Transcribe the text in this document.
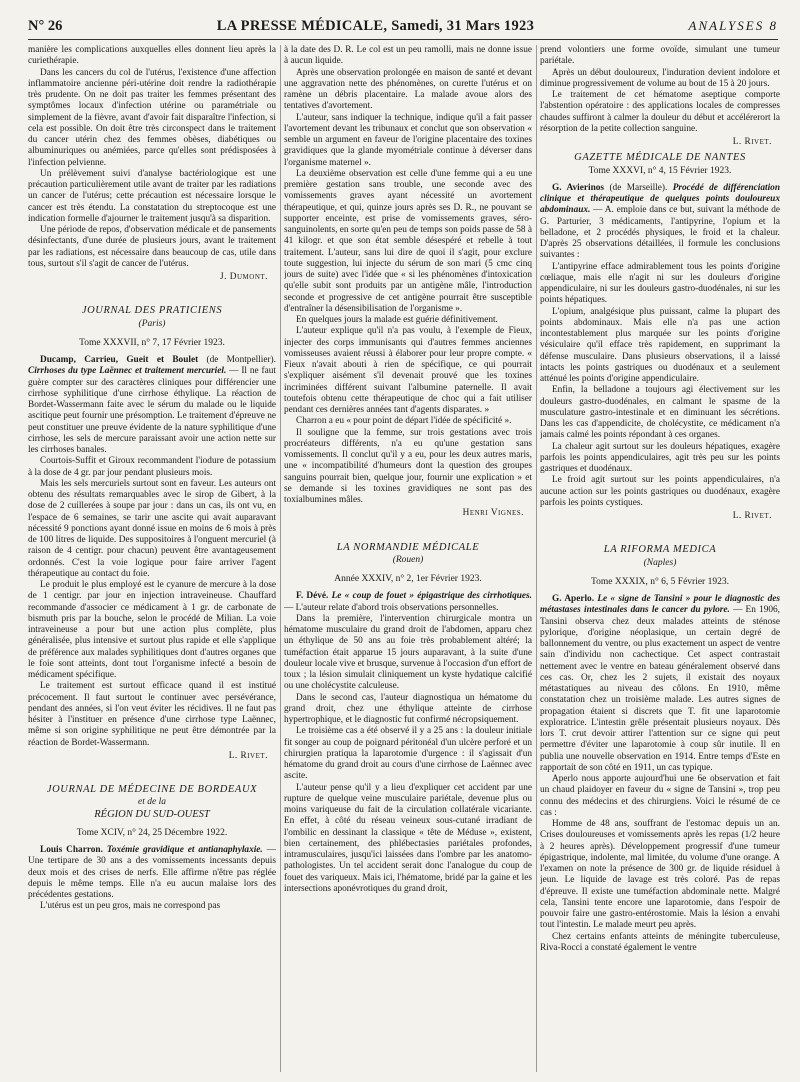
N° 26	LA PRESSE MÉDICALE, Samedi, 31 Mars 1923	ANALYSES 8

manière les complications auxquelles elles donnent lieu après la curiethérapie.

Dans les cancers du col de l'utérus, l'existence d'une affection inflammatoire ancienne péri-utérine doit rendre la radiothérapie très prudente. On ne doit pas traiter les femmes présentant des symptômes locaux d'infection utérine ou paramétriale ou simplement de la fièvre, avant d'avoir fait disparaître l'infection, si cela est possible. On doit être très circonspect dans le traitement du cancer utérin chez des femmes obèses, diabétiques ou albuminuriques ou anémiées, parce qu'elles sont prédisposées à l'infection pelvienne.

Un prélèvement suivi d'analyse bactériologique est une précaution particulièrement utile avant de traiter par les radiations un cancer de l'utérus; cette précaution est nécessaire lorsque le cancer est très étendu. La constatation du streptocoque est une indication formelle d'ajourner le traitement jusqu'à sa disparition.

Une période de repos, d'observation médicale et de pansements désinfectants, d'une durée de plusieurs jours, avant le traitement par les radiations, est nécessaire dans beaucoup de cas, utile dans tous, surtout s'il s'agit de cancer de l'utérus.

J. Dumont.

JOURNAL DES PRATICIENS

(Paris)

Tome XXXVII, n° 7, 17 Février 1923.

Ducamp, Carrieu, Gueit et Boulet (de Montpellier). Cirrhoses du type Laënnec et traitement mercuriel. — Il ne faut guère compter sur des caractères cliniques pour différencier une cirrhose syphilitique d'une cirrhose éthylique. La réaction de Bordet-Wassermann faite avec le sérum du malade ou le liquide ascitique peut fournir une présomption. Le traitement d'épreuve ne peut constituer une preuve évidente de la nature syphilitique d'une cirrhose, les sels de mercure paraissant avoir une action nette sur les cirrhoses banales.

Courtois-Suffit et Giroux recommandent l'iodure de potassium à la dose de 4 gr. par jour pendant plusieurs mois.

Mais les sels mercuriels surtout sont en faveur. Les auteurs ont obtenu des résultats remarquables avec le sirop de Gibert, à la dose de 2 cuillerées à soupe par jour : dans un cas, ils ont vu, en l'espace de 6 semaines, se tarir une ascite qui avait auparavant nécessité 9 ponctions ayant donné issue en moins de 6 mois à près de 100 litres de liquide. Des suppositoires à l'onguent mercuriel (à raison de 4 centigr. pour chacun) peuvent être avantageusement ordonnés. C'est la voie logique pour faire arriver l'agent thérapeutique au contact du foie.

Le produit le plus employé est le cyanure de mercure à la dose de 1 centigr. par jour en injection intraveineuse. Chauffard recommande d'associer ce médicament à 1 gr. de carbonate de bismuth pris par la bouche, selon le procédé de Milian. La voie intraveineuse a pour but une action plus complète, plus généralisée, plus intensive et surtout plus rapide et elle s'applique de préférence aux malades syphilitiques dont d'autres organes que le foie sont atteints, dont tout l'organisme infecté a besoin de médicament spécifique.

Le traitement est surtout efficace quand il est institué précocement. Il faut surtout le continuer avec persévérance, pendant des années, si l'on veut éviter les récidives. Il ne faut pas hésiter à l'instituer en présence d'une cirrhose type Laënnec, même si son origine syphilitique ne peut être démontrée par la réaction de Bordet-Wassermann.

L. Rivet.

JOURNAL DE MÉDECINE DE BORDEAUX

et de la

RÉGION DU SUD-OUEST

Tome XCIV, n° 24, 25 Décembre 1922.

Louis Charron. Toxémie gravidique et antianaphylaxie. — Une tertipare de 30 ans a des vomissements incessants depuis deux mois et des crises de nerfs. Elle affirme n'être pas réglée depuis le même temps. Elle n'a eu aucun malaise lors des précédentes gestations.

L'utérus est un peu gros, mais ne correspond pas

à la date des D. R. Le col est un peu ramolli, mais ne donne issue à aucun liquide.

Après une observation prolongée en maison de santé et devant une aggravation nette des phénomènes, on curette l'utérus et on ramène un débris placentaire. La malade avoue alors des tentatives d'avortement.

L'auteur, sans indiquer la technique, indique qu'il a fait passer l'avortement devant les tribunaux et conclut que son observation « semble un argument en faveur de l'origine placentaire des toxines gravidiques que la glande myométriale continue à déverser dans l'organisme maternel ».

La deuxième observation est celle d'une femme qui a eu une première gestation sans trouble, une seconde avec des vomissements graves ayant nécessité un avortement thérapeutique, et qui, quinze jours après ses D. R., ne pouvant se supporter enceinte, est prise de vomissements graves, séro-sanguinolents, en sorte qu'en peu de temps son poids passe de 58 à 41 kilogr. et que son état semble désespéré et rebelle à tout traitement. L'auteur, sans lui dire de quoi il s'agit, pour exclure toute suggestion, lui injecte du sérum de son mari (5 cmc cinq jours de suite) avec l'idée que « si les phénomènes d'intoxication qu'elle subit sont produits par un antigène mâle, l'introduction seconde et progressive de cet antigène pourrait être susceptible d'entraîner la désensibilisation de l'organisme ».

En quelques jours la malade est guérie définitivement.

L'auteur explique qu'il n'a pas voulu, à l'exemple de Fieux, injecter des corps immunisants qui d'autres femmes anciennes vomisseuses avaient réussi à élaborer pour leur propre compte. « Fieux n'avait abouti à rien de spécifique, ce qui pourrait s'expliquer aisément s'il devenait prouvé que les toxines incriminées différent suivant l'albumine paternelle. Il avait toutefois obtenu cette thérapeutique de choc qui a fait utiliser pendant ces dernières années tant d'agents disparates. »

Charron a eu « pour point de départ l'idée de spécificité ».

Il souligne que la femme, sur trois gestations avec trois procréateurs différents, n'a eu qu'une gestation sans vomissements. Il conclut qu'il y a eu, pour les deux autres maris, une « incompatibilité d'humeurs dont la question des groupes sanguins pourrait bien, quelque jour, fournir une explication » et se demande si les toxines gravidiques ne sont pas des toxialbumines mâles.

Henri Vignes.

LA NORMANDIE MÉDICALE

(Rouen)

Année XXXIV, n° 2, 1er Février 1923.

F. Dévé. Le « coup de fouet » épigastrique des cirrhotiques. — L'auteur relate d'abord trois observations personnelles.

Dans la première, l'intervention chirurgicale montra un hématome musculaire du grand droit de l'abdomen, apparu chez un éthylique de 50 ans au foie très probablement altéré; la tuméfaction était apparue 15 jours auparavant, à la suite d'une douleur locale vive et brusque, survenue à l'occasion d'un effort de toux ; la lésion simulait cliniquement un kyste hydatique calcifié ou une cholécystite calculeuse.

Dans le second cas, l'auteur diagnostiqua un hématome du grand droit, chez une éthylique atteinte de cirrhose hypertrophique, et le diagnostic fut confirmé nécropsiquement.

Le troisième cas a été observé il y a 25 ans : la douleur initiale fit songer au coup de poignard péritonéal d'un ulcère perforé et un chirurgien pratiqua la laparotomie d'urgence : il s'agissait d'un hématome du grand droit au cours d'une cirrhose de Laënnec avec ascite.

L'auteur pense qu'il y a lieu d'expliquer cet accident par une rupture de quelque veine musculaire pariétale, devenue plus ou moins variqueuse du fait de la circulation collatérale vicariante. En effet, à côté du réseau veineux sous-cutané irradiant de l'ombilic en dessinant la classique « tête de Méduse », existent, bien certainement, des phlébectasies pariétales profondes, intramusculaires, jusqu'ici laissées dans l'ombre par les anatomo-pathologistes. Un tel accident serait donc l'analogue du coup de fouet des variqueux. Mais ici, l'hématome, bridé par la gaine et les intersections aponévrotiques du grand droit,

prend volontiers une forme ovoïde, simulant une tumeur pariétale.

Après un début douloureux, l'induration devient indolore et diminue progressivement de volume au bout de 15 à 20 jours.

Le traitement de cet hématome aseptique comporte l'abstention opératoire : des applications locales de compresses chaudes suffiront à calmer la douleur du début et accélérerort la résorption de la petite collection sanguine.

L. Rivet.

GAZETTE MÉDICALE DE NANTES

Tome XXXVI, n° 4, 15 Février 1923.

G. Avierinos (de Marseille). Procédé de différenciation clinique et thérapeutique de quelques points douloureux abdominaux. — A. emploie dans ce but, suivant la méthode de G. Parturier, 3 médicaments, l'antipyrine, l'opium et la belladone, et 2 procédés physiques, le froid et la chaleur. D'après 25 observations détaillées, il formule les conclusions suivantes :

L'antipyrine efface admirablement tous les points d'origine cœliaque, mais elle n'agit ni sur les douleurs d'origine appendiculaire, ni sur les douleurs gastro-duodénales, ni sur les points hépatiques.

L'opium, analgésique plus puissant, calme la plupart des points abdominaux. Mais elle n'a pas une action incontestablement plus marquée sur les points d'origine vésiculaire qu'il efface très rapidement, en supprimant la défense musculaire. Dans plusieurs observations, il a laissé intacts les points gastriques ou duodénaux et a seulement atténué les points d'origine appendiculaire.

Enfin, la belladone a toujours agi électivement sur les douleurs gastro-duodénales, en calmant le spasme de la musculature gastro-intestinale et en diminuant les sécrétions. Dans les cas d'appendicite, de cholécystite, ce médicament n'a jamais calmé les points répondant à ces organes.

La chaleur agit surtout sur les douleurs hépatiques, exagère parfois les points appendiculaires, agit très peu sur les points gastriques et duodénaux.

Le froid agit surtout sur les points appendiculaires, n'a aucune action sur les points gastriques ou duodénaux, exagère parfois les points cystiques.

L. Rivet.

LA RIFORMA MEDICA

(Naples)

Tome XXXIX, n° 6, 5 Février 1923.

G. Aperlo. Le « signe de Tansini » pour le diagnostic des métastases intestinales dans le cancer du pylore. — En 1906, Tansini observa chez deux malades atteints de sténose pylorique, d'origine néoplasique, un certain degré de ballonnement du ventre, ou plus exactement un aspect de ventre sain d'individu non cachectique. Cet aspect contrastait nettement avec le ventre en bateau généralement observé dans ces cas. Or, chez les 2 sujets, il existait des noyaux métastatiques au niveau des côlons. En 1910, même constatation chez un troisième malade. Les autres signes de propagation étaient si discrets que T. fit une laparotomie exploratrice. L'intestin grêle présentait plusieurs noyaux. Dès lors T. crut devoir attirer l'attention sur ce signe qui peut permettre d'éviter une laparotomie à coup sûr inutile. Il en publia une nouvelle observation en 1914. Entre temps d'Este en rapportait de son côté en 1911, un cas typique.

Aperlo nous apporte aujourd'hui une 6e observation et fait un chaud plaidoyer en faveur du « signe de Tansini », trop peu connu des médecins et des chirurgiens. Voici le résumé de ce cas :

Homme de 48 ans, souffrant de l'estomac depuis un an. Crises douloureuses et vomissements après les repas (1/2 heure à 2 heures après). Développement progressif d'une tumeur épigastrique, indolente, mal limitée, du volume d'une orange. A l'examen on note la présence de 300 gr. de liquide résiduel à jeun. Le liquide de lavage est très coloré. Pas de repas d'épreuve. Il existe une tuméfaction abdominale nette. Malgré cela, Tansini tente encore une laparotomie, dans l'espoir de pouvoir faire une gastro-entérostomie. Mais la lésion a envahi tout l'intestin. Le malade meurt peu après.

Chez certains enfants atteints de méningite tuberculeuse, Riva-Rocci a constaté également le ventre
